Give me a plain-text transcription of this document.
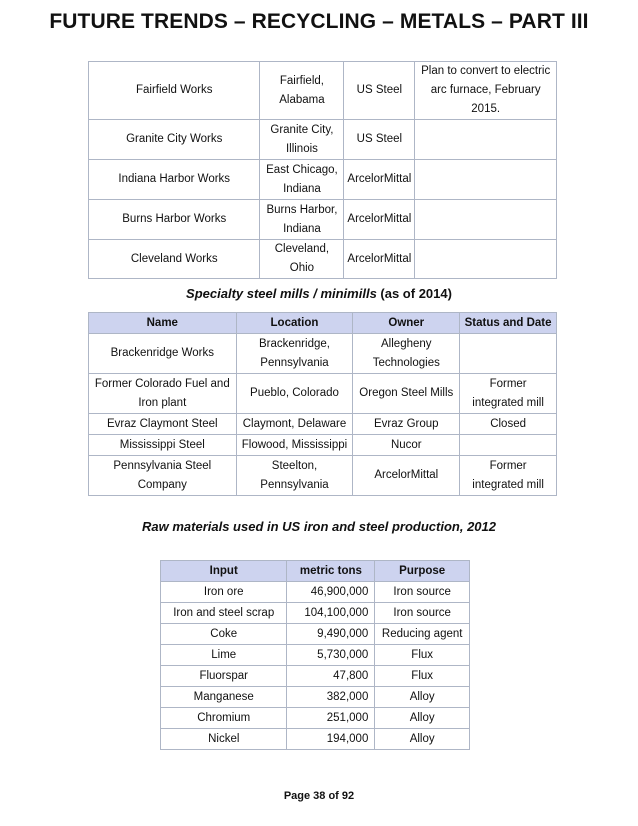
FUTURE TRENDS – RECYCLING – METALS – PART III
Fairfield Works	Fairfield, Alabama	US Steel	Plan to convert to electric arc furnace, February 2015.
Granite City Works	Granite City, Illinois	US Steel	
Indiana Harbor Works	East Chicago, Indiana	ArcelorMittal	
Burns Harbor Works	Burns Harbor, Indiana	ArcelorMittal	
Cleveland Works	Cleveland, Ohio	ArcelorMittal	
Specialty steel mills / minimills (as of 2014)
Name	Location	Owner	Status and Date
Brackenridge Works	Brackenridge, Pennsylvania	Allegheny Technologies	
Former Colorado Fuel and Iron plant	Pueblo, Colorado	Oregon Steel Mills	Former integrated mill
Evraz Claymont Steel	Claymont, Delaware	Evraz Group	Closed
Mississippi Steel	Flowood, Mississippi	Nucor	
Pennsylvania Steel Company	Steelton, Pennsylvania	ArcelorMittal	Former integrated mill
Raw materials used in US iron and steel production, 2012
Input	metric tons	Purpose
Iron ore	46,900,000	Iron source
Iron and steel scrap	104,100,000	Iron source
Coke	9,490,000	Reducing agent
Lime	5,730,000	Flux
Fluorspar	47,800	Flux
Manganese	382,000	Alloy
Chromium	251,000	Alloy
Nickel	194,000	Alloy
Page 38 of 92
